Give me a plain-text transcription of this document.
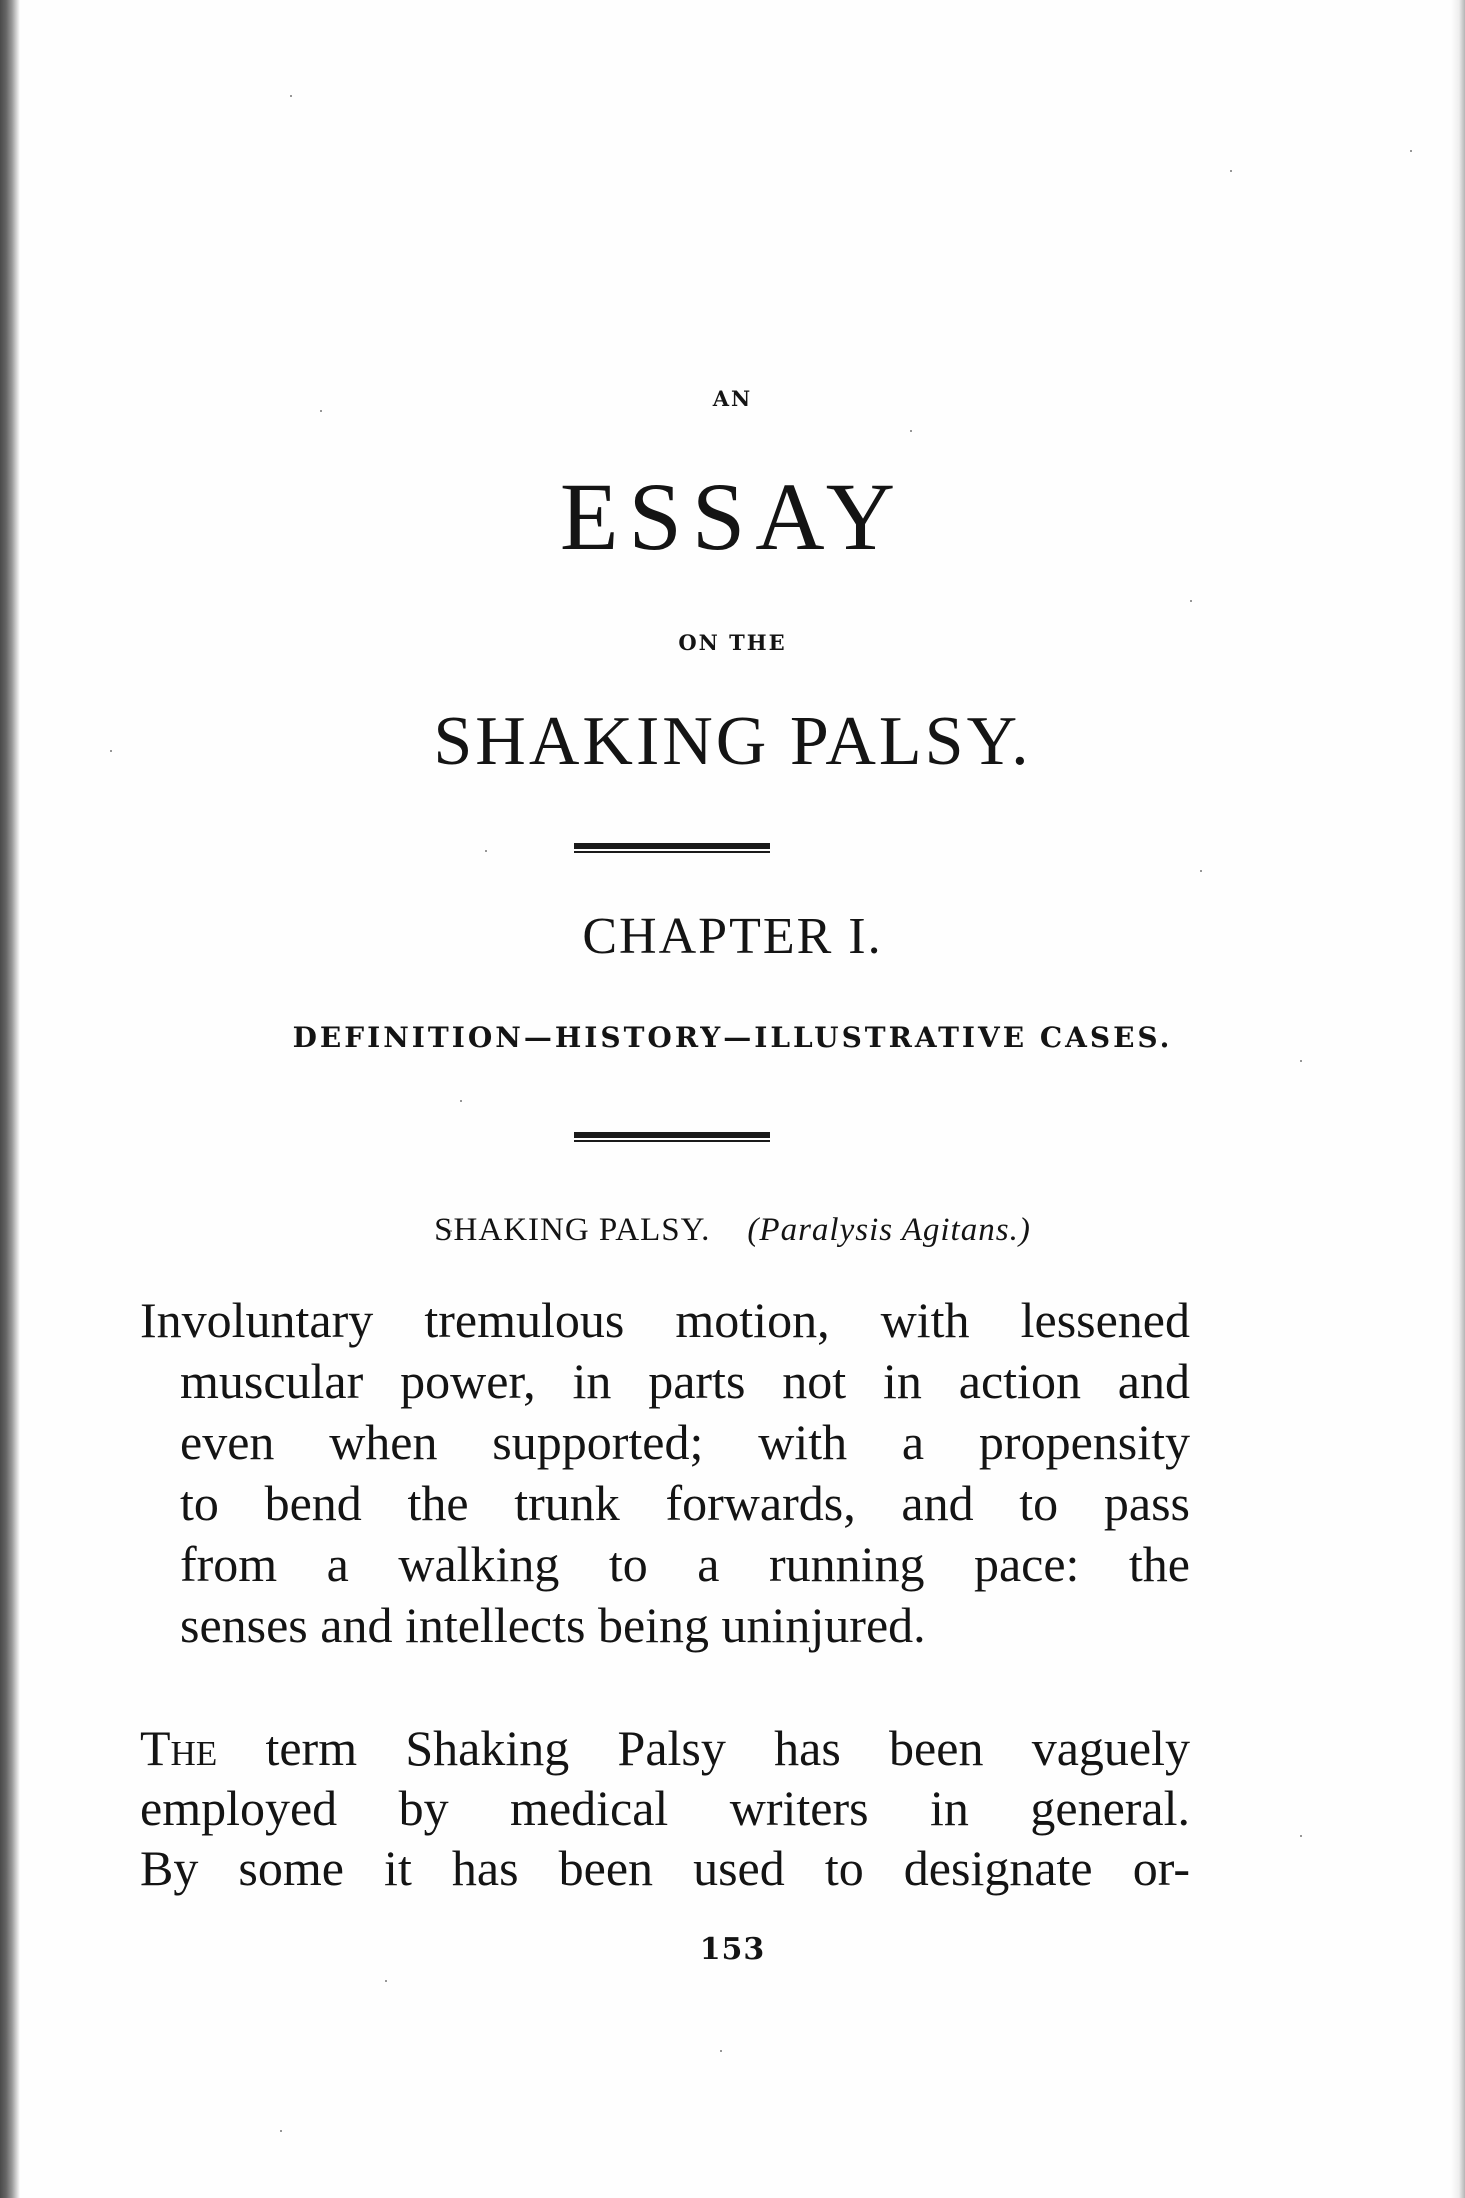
AN

ESSAY

ON THE

SHAKING PALSY.

CHAPTER I.

DEFINITION—HISTORY—ILLUSTRATIVE CASES.

SHAKING PALSY. (Paralysis Agitans.)

Involuntary tremulous motion, with lessened
muscular power, in parts not in action and
even when supported; with a propensity
to bend the trunk forwards, and to pass
from a walking to a running pace: the
senses and intellects being uninjured.
The term Shaking Palsy has been vaguely
employed by medical writers in general.
By some it has been used to designate or-

153
